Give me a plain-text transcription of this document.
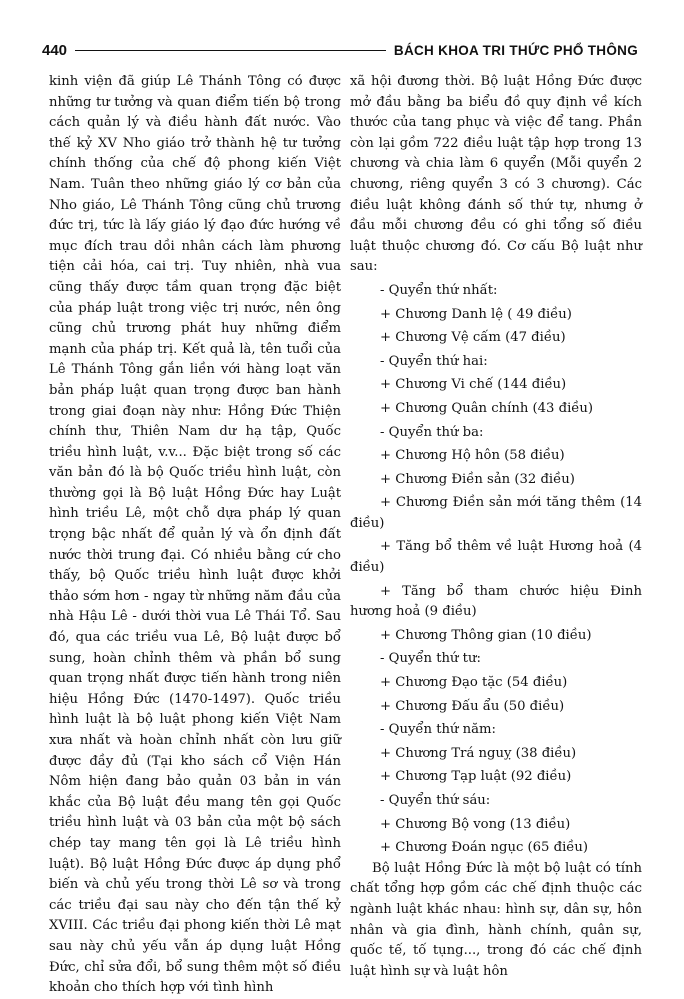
440	BÁCH KHOA TRI THỨC PHỔ THÔNG

kinh viện đã giúp Lê Thánh Tông có được những tư tưởng và quan điểm tiến bộ trong cách quản lý và điều hành đất nước. Vào thế kỷ XV Nho giáo trở thành hệ tư tưởng chính thống của chế độ phong kiến Việt Nam. Tuân theo những giáo lý cơ bản của Nho giáo, Lê Thánh Tông cũng chủ trương đức trị, tức là lấy giáo lý đạo đức hướng về mục đích trau dồi nhân cách làm phương tiện cải hóa, cai trị. Tuy nhiên, nhà vua cũng thấy được tầm quan trọng đặc biệt của pháp luật trong việc trị nước, nên ông cũng chủ trương phát huy những điểm mạnh của pháp trị. Kết quả là, tên tuổi của Lê Thánh Tông gắn liền với hàng loạt văn bản pháp luật quan trọng được ban hành trong giai đoạn này như: Hồng Đức Thiện chính thư, Thiên Nam dư hạ tập, Quốc triều hình luật, v.v... Đặc biệt trong số các văn bản đó là bộ Quốc triều hình luật, còn thường gọi là Bộ luật Hồng Đức hay Luật hình triều Lê, một chỗ dựa pháp lý quan trọng bậc nhất để quản lý và ổn định đất nước thời trung đại. Có nhiều bằng cứ cho thấy, bộ Quốc triều hình luật được khởi thảo sớm hơn - ngay từ những năm đầu của nhà Hậu Lê - dưới thời vua Lê Thái Tổ. Sau đó, qua các triều vua Lê, Bộ luật được bổ sung, hoàn chỉnh thêm và phần bổ sung quan trọng nhất được tiến hành trong niên hiệu Hồng Đức (1470-1497). Quốc triều hình luật là bộ luật phong kiến Việt Nam xưa nhất và hoàn chỉnh nhất còn lưu giữ được đầy đủ (Tại kho sách cổ Viện Hán Nôm hiện đang bảo quản 03 bản in ván khắc của Bộ luật đều mang tên gọi Quốc triều hình luật và 03 bản của một bộ sách chép tay mang tên gọi là Lê triều hình luật). Bộ luật Hồng Đức được áp dụng phổ biến và chủ yếu trong thời Lê sơ và trong các triều đại sau này cho đến tận thế kỷ XVIII. Các triều đại phong kiến thời Lê mạt sau này chủ yếu vẫn áp dụng luật Hồng Đức, chỉ sửa đổi, bổ sung thêm một số điều khoản cho thích hợp với tình hình

xã hội đương thời. Bộ luật Hồng Đức được mở đầu bằng ba biểu đồ quy định về kích thước của tang phục và việc để tang. Phần còn lại gồm 722 điều luật tập hợp trong 13 chương và chia làm 6 quyển (Mỗi quyển 2 chương, riêng quyển 3 có 3 chương). Các điều luật không đánh số thứ tự, nhưng ở đầu mỗi chương đều có ghi tổng số điều luật thuộc chương đó. Cơ cấu Bộ luật như sau:

- Quyển thứ nhất:
+ Chương Danh lệ ( 49 điều)
+ Chương Vệ cấm (47 điều)
- Quyển thứ hai:
+ Chương Vi chế (144 điều)
+ Chương Quân chính (43 điều)
- Quyển thứ ba:
+ Chương Hộ hôn (58 điều)
+ Chương Điền sản (32 điều)
+ Chương Điền sản mới tăng thêm (14 điều)
+ Tăng bổ thêm về luật Hương hoả (4 điều)
+ Tăng bổ tham chước hiệu Đinh hương hoả (9 điều)
+ Chương Thông gian (10 điều)
- Quyển thứ tư:
+ Chương Đạo tặc (54 điều)
+ Chương Đấu ẩu (50 điều)
- Quyển thứ năm:
+ Chương Trá nguỵ (38 điều)
+ Chương Tạp luật (92 điều)
- Quyển thứ sáu:
+ Chương Bộ vong (13 điều)
+ Chương Đoán ngục (65 điều)

Bộ luật Hồng Đức là một bộ luật có tính chất tổng hợp gồm các chế định thuộc các ngành luật khác nhau: hình sự, dân sự, hôn nhân và gia đình, hành chính, quân sự, quốc tế, tố tụng..., trong đó các chế định luật hình sự và luật hôn
